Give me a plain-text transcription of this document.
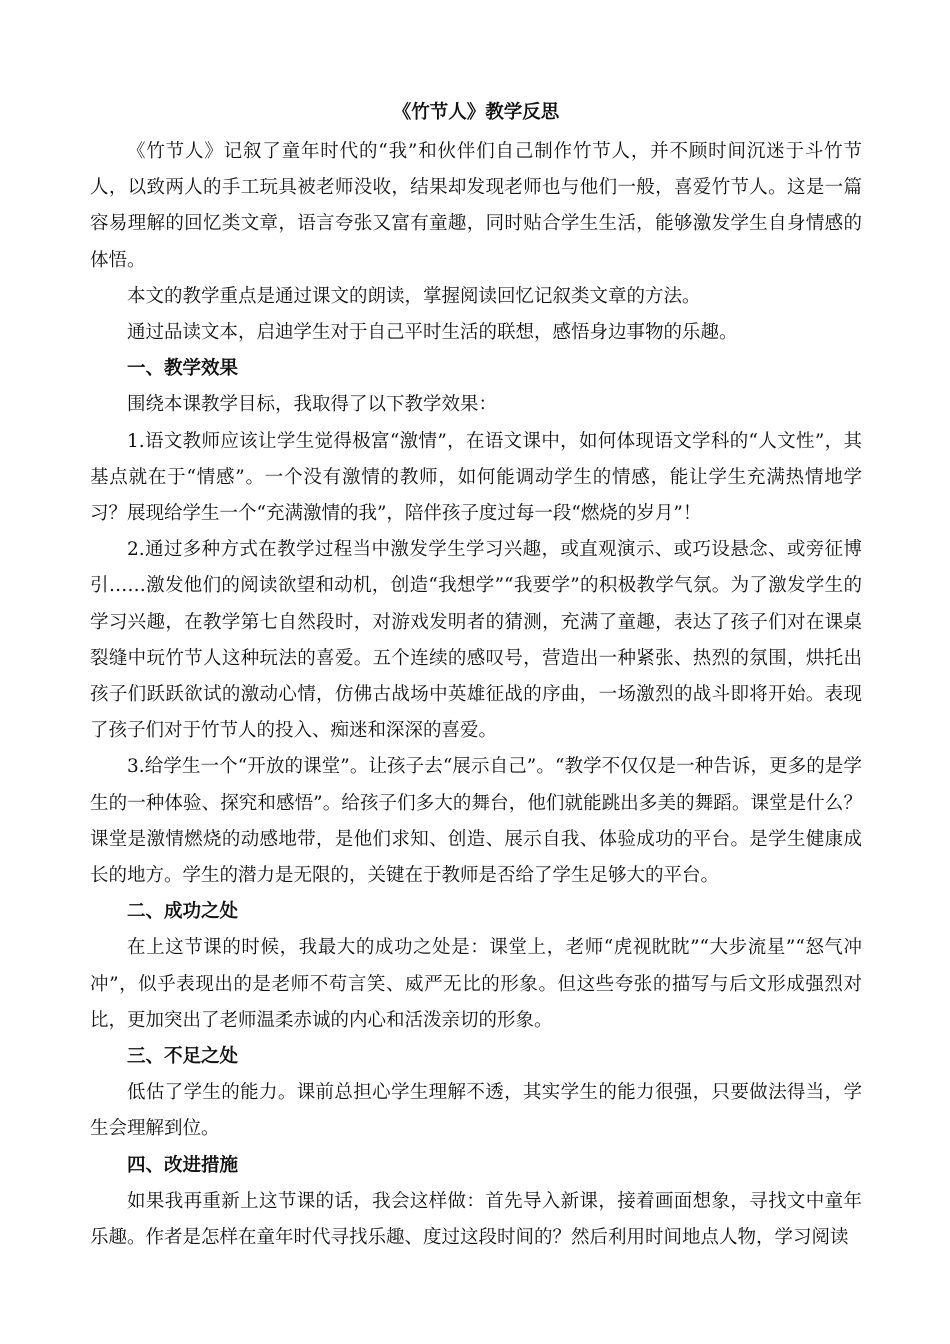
《竹节人》教学反思

《竹节人》记叙了童年时代的“我”和伙伴们自己制作竹节人，并不顾时间沉迷于斗竹节人，以致两人的手工玩具被老师没收，结果却发现老师也与他们一般，喜爱竹节人。这是一篇容易理解的回忆类文章，语言夸张又富有童趣，同时贴合学生生活，能够激发学生自身情感的体悟。

本文的教学重点是通过课文的朗读，掌握阅读回忆记叙类文章的方法。

通过品读文本，启迪学生对于自己平时生活的联想，感悟身边事物的乐趣。

一、教学效果

围绕本课教学目标，我取得了以下教学效果：

1.语文教师应该让学生觉得极富“激情”，在语文课中，如何体现语文学科的“人文性”，其基点就在于“情感”。一个没有激情的教师，如何能调动学生的情感，能让学生充满热情地学习？展现给学生一个“充满激情的我”，陪伴孩子度过每一段“燃烧的岁月”！

2.通过多种方式在教学过程当中激发学生学习兴趣，或直观演示、或巧设悬念、或旁征博引……激发他们的阅读欲望和动机，创造“我想学”“我要学”的积极教学气氛。为了激发学生的学习兴趣，在教学第七自然段时，对游戏发明者的猜测，充满了童趣，表达了孩子们对在课桌裂缝中玩竹节人这种玩法的喜爱。五个连续的感叹号，营造出一种紧张、热烈的氛围，烘托出孩子们跃跃欲试的激动心情，仿佛古战场中英雄征战的序曲，一场激烈的战斗即将开始。表现了孩子们对于竹节人的投入、痴迷和深深的喜爱。

3.给学生一个“开放的课堂”。让孩子去“展示自己”。“教学不仅仅是一种告诉，更多的是学生的一种体验、探究和感悟”。给孩子们多大的舞台，他们就能跳出多美的舞蹈。课堂是什么？课堂是激情燃烧的动感地带，是他们求知、创造、展示自我、体验成功的平台。是学生健康成长的地方。学生的潜力是无限的，关键在于教师是否给了学生足够大的平台。

二、成功之处

在上这节课的时候，我最大的成功之处是：课堂上，老师“虎视眈眈”“大步流星”“怒气冲冲”，似乎表现出的是老师不苟言笑、威严无比的形象。但这些夸张的描写与后文形成强烈对比，更加突出了老师温柔赤诚的内心和活泼亲切的形象。

三、不足之处

低估了学生的能力。课前总担心学生理解不透，其实学生的能力很强，只要做法得当，学生会理解到位。

四、改进措施

如果我再重新上这节课的话，我会这样做：首先导入新课，接着画面想象，寻找文中童年乐趣。作者是怎样在童年时代寻找乐趣、度过这段时间的？然后利用时间地点人物，学习阅读
